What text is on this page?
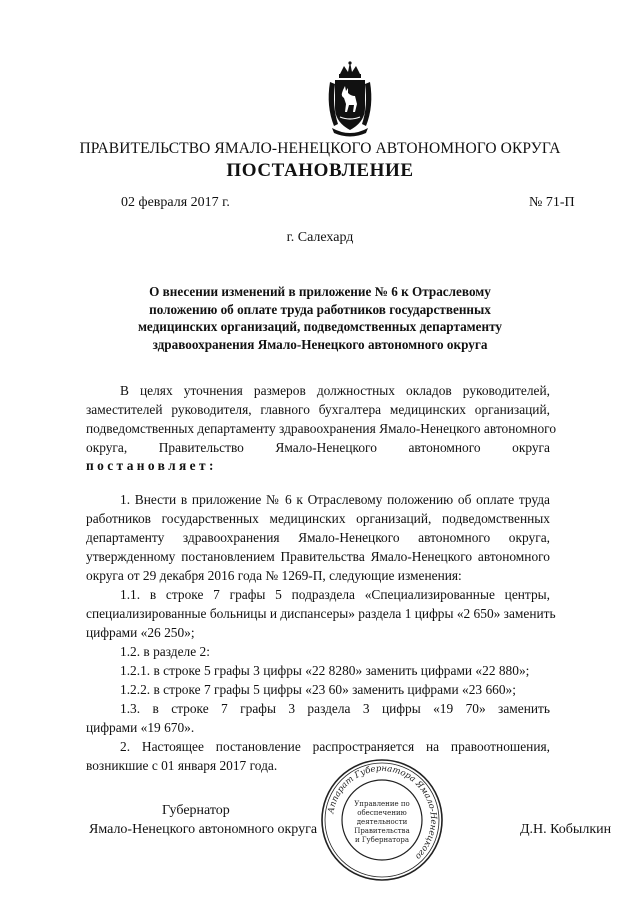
ПРАВИТЕЛЬСТВО ЯМАЛО-НЕНЕЦКОГО АВТОНОМНОГО ОКРУГА
ПОСТАНОВЛЕНИЕ
02 февраля 2017 г.	№ 71-П
г. Салехард
О внесении изменений в приложение № 6 к Отраслевому положению об оплате труда работников государственных медицинских организаций, подведомственных департаменту здравоохранения Ямало-Ненецкого автономного округа
В целях уточнения размеров должностных окладов руководителей,
заместителей руководителя, главного бухгалтера медицинских организаций,
подведомственных департаменту здравоохранения Ямало-Ненецкого автономного
округа, Правительство Ямало-Ненецкого автономного округа
постановляет:
1. Внести в приложение № 6 к Отраслевому положению об оплате труда
работников государственных медицинских организаций, подведомственных
департаменту здравоохранения Ямало-Ненецкого автономного округа,
утвержденному постановлением Правительства Ямало-Ненецкого автономного
округа от 29 декабря 2016 года № 1269-П, следующие изменения:
1.1. в строке 7 графы 5 подраздела «Специализированные центры,
специализированные больницы и диспансеры» раздела 1 цифры «2 650» заменить
цифрами «26 250»;
1.2. в разделе 2:
1.2.1. в строке 5 графы 3 цифры «22 8280» заменить цифрами «22 880»;
1.2.2. в строке 7 графы 5 цифры «23 60» заменить цифрами «23 660»;
1.3. в строке 7 графы 3 раздела 3 цифры «19 70» заменить
цифрами «19 670».
2. Настоящее постановление распространяется на правоотношения,
возникшие с 01 января 2017 года.
Губернатор
Ямало-Ненецкого автономного округа	Д.Н. Кобылкин
Аппарат Губернатора Ямало-Ненецкого
Управление по
обеспечению
деятельности
Правительства
и Губернатора
